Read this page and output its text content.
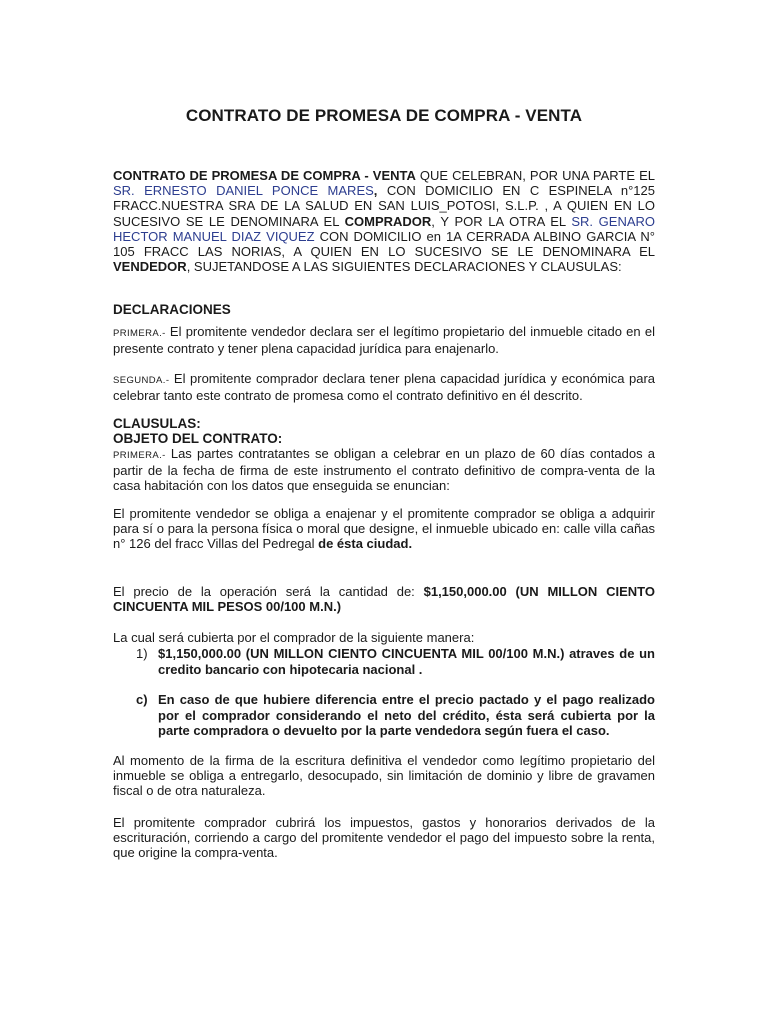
CONTRATO DE PROMESA DE COMPRA - VENTA
CONTRATO DE PROMESA DE COMPRA - VENTA QUE CELEBRAN, POR UNA PARTE EL SR. ERNESTO DANIEL PONCE MARES, CON DOMICILIO EN C ESPINELA n°125 FRACC.NUESTRA SRA DE LA SALUD EN SAN LUIS_POTOSI, S.L.P. , A QUIEN EN LO SUCESIVO SE LE DENOMINARA EL COMPRADOR, Y POR LA OTRA EL SR. GENARO HECTOR MANUEL DIAZ VIQUEZ CON DOMICILIO en 1A CERRADA ALBINO GARCIA N° 105 FRACC LAS NORIAS, A QUIEN EN LO SUCESIVO SE LE DENOMINARA EL VENDEDOR, SUJETANDOSE A LAS SIGUIENTES DECLARACIONES Y CLAUSULAS:
DECLARACIONES
PRIMERA.- El promitente vendedor declara ser el legítimo propietario del inmueble citado en el presente contrato y tener plena capacidad jurídica para enajenarlo.
SEGUNDA.- El promitente comprador declara tener plena capacidad jurídica y económica para celebrar tanto este contrato de promesa como el contrato definitivo en él descrito.
CLAUSULAS:
OBJETO DEL CONTRATO:
PRIMERA.- Las partes contratantes se obligan a celebrar en un plazo de 60 días contados a partir de la fecha de firma de este instrumento el contrato definitivo de compra-venta de la casa habitación con los datos que enseguida se enuncian:
El promitente vendedor se obliga a enajenar y el promitente comprador se obliga a adquirir para sí o para la persona física o moral que designe, el inmueble ubicado en: calle villa cañas n° 126 del fracc Villas del Pedregal de ésta ciudad.
El precio de la operación será la cantidad de: $1,150,000.00 (UN MILLON CIENTO CINCUENTA MIL PESOS 00/100 M.N.)
La cual será cubierta por el comprador de la siguiente manera:
1) $1,150,000.00 (UN MILLON CIENTO CINCUENTA MIL 00/100 M.N.) atraves de un credito bancario con hipotecaria nacional .
c) En caso de que hubiere diferencia entre el precio pactado y el pago realizado por el comprador considerando el neto del crédito, ésta será cubierta por la parte compradora o devuelto por la parte vendedora según fuera el caso.
Al momento de la firma de la escritura definitiva el vendedor como legítimo propietario del inmueble se obliga a entregarlo, desocupado, sin limitación de dominio y libre de gravamen fiscal o de otra naturaleza.
El promitente comprador cubrirá los impuestos, gastos y honorarios derivados de la escrituración, corriendo a cargo del promitente vendedor el pago del impuesto sobre la renta, que origine la compra-venta.
